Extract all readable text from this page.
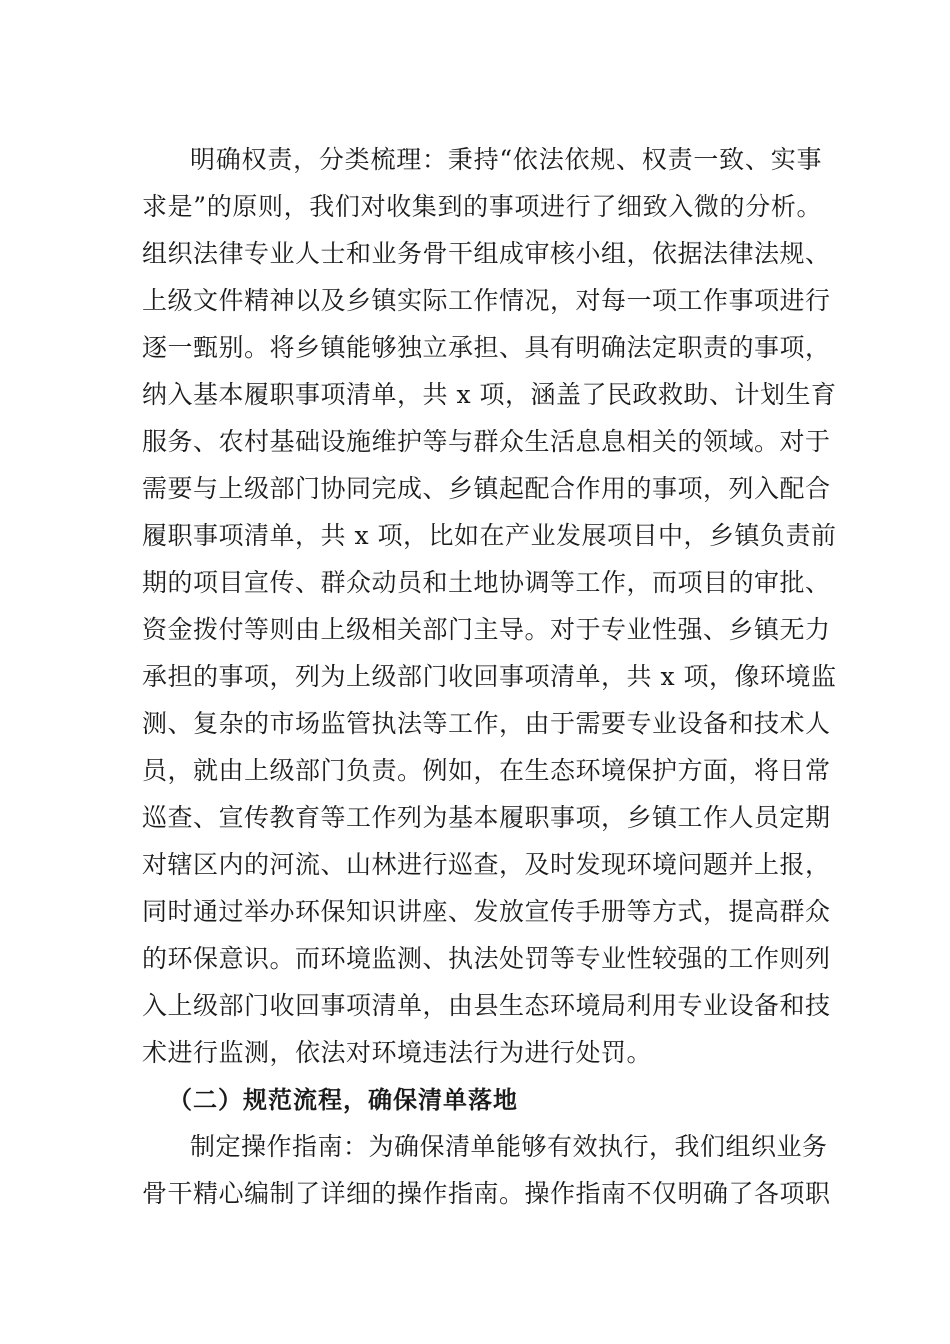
明确权责，分类梳理：秉持“依法依规、权责一致、实事
求是”的原则，我们对收集到的事项进行了细致入微的分析。
组织法律专业人士和业务骨干组成审核小组，依据法律法规、
上级文件精神以及乡镇实际工作情况，对每一项工作事项进行
逐一甄别。将乡镇能够独立承担、具有明确法定职责的事项，
纳入基本履职事项清单，共 x 项，涵盖了民政救助、计划生育
服务、农村基础设施维护等与群众生活息息相关的领域。对于
需要与上级部门协同完成、乡镇起配合作用的事项，列入配合
履职事项清单，共 x 项，比如在产业发展项目中，乡镇负责前
期的项目宣传、群众动员和土地协调等工作，而项目的审批、
资金拨付等则由上级相关部门主导。对于专业性强、乡镇无力
承担的事项，列为上级部门收回事项清单，共 x 项，像环境监
测、复杂的市场监管执法等工作，由于需要专业设备和技术人
员，就由上级部门负责。例如，在生态环境保护方面，将日常
巡查、宣传教育等工作列为基本履职事项，乡镇工作人员定期
对辖区内的河流、山林进行巡查，及时发现环境问题并上报，
同时通过举办环保知识讲座、发放宣传手册等方式，提高群众
的环保意识。而环境监测、执法处罚等专业性较强的工作则列
入上级部门收回事项清单，由县生态环境局利用专业设备和技
术进行监测，依法对环境违法行为进行处罚。
（二）规范流程，确保清单落地
制定操作指南：为确保清单能够有效执行，我们组织业务
骨干精心编制了详细的操作指南。操作指南不仅明确了各项职
